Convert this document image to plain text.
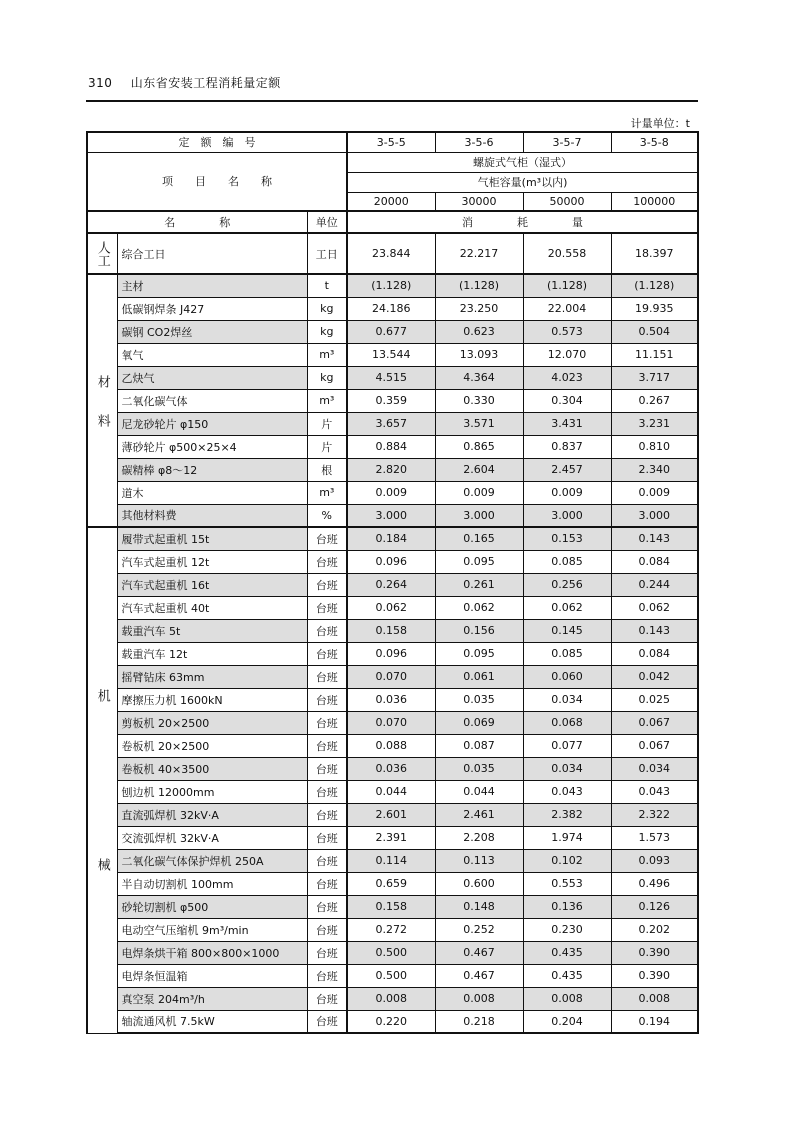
310 山东省安装工程消耗量定额
计量单位：t
定　额　编　号			3-5-5	3-5-6	3-5-7	3-5-8
项　　目　　名　　称			螺旋式气柜（湿式）			
			气柜容量(m³以内)			
			20000	30000	50000	100000
名　　　　称		单位	消　　　　耗　　　　量			
人工	综合工日	工日	23.844	22.217	20.558	18.397
材　　料	主材	t	(1.128)	(1.128)	(1.128)	(1.128)
	低碳钢焊条 J427	kg	24.186	23.250	22.004	19.935
	碳钢 CO2焊丝	kg	0.677	0.623	0.573	0.504
	氧气	m³	13.544	13.093	12.070	11.151
	乙炔气	kg	4.515	4.364	4.023	3.717
	二氧化碳气体	m³	0.359	0.330	0.304	0.267
	尼龙砂轮片 φ150	片	3.657	3.571	3.431	3.231
	薄砂轮片 φ500×25×4	片	0.884	0.865	0.837	0.810
	碳精棒 φ8～12	根	2.820	2.604	2.457	2.340
	道木	m³	0.009	0.009	0.009	0.009
	其他材料费	%	3.000	3.000	3.000	3.000
机　　　　　　　　　　　　械	履带式起重机 15t	台班	0.184	0.165	0.153	0.143
	汽车式起重机 12t	台班	0.096	0.095	0.085	0.084
	汽车式起重机 16t	台班	0.264	0.261	0.256	0.244
	汽车式起重机 40t	台班	0.062	0.062	0.062	0.062
	载重汽车 5t	台班	0.158	0.156	0.145	0.143
	载重汽车 12t	台班	0.096	0.095	0.085	0.084
	摇臂钻床 63mm	台班	0.070	0.061	0.060	0.042
	摩擦压力机 1600kN	台班	0.036	0.035	0.034	0.025
	剪板机 20×2500	台班	0.070	0.069	0.068	0.067
	卷板机 20×2500	台班	0.088	0.087	0.077	0.067
	卷板机 40×3500	台班	0.036	0.035	0.034	0.034
	刨边机 12000mm	台班	0.044	0.044	0.043	0.043
	直流弧焊机 32kV·A	台班	2.601	2.461	2.382	2.322
	交流弧焊机 32kV·A	台班	2.391	2.208	1.974	1.573
	二氧化碳气体保护焊机 250A	台班	0.114	0.113	0.102	0.093
	半自动切割机 100mm	台班	0.659	0.600	0.553	0.496
	砂轮切割机 φ500	台班	0.158	0.148	0.136	0.126
	电动空气压缩机 9m³/min	台班	0.272	0.252	0.230	0.202
	电焊条烘干箱 800×800×1000	台班	0.500	0.467	0.435	0.390
	电焊条恒温箱	台班	0.500	0.467	0.435	0.390
	真空泵 204m³/h	台班	0.008	0.008	0.008	0.008
	轴流通风机 7.5kW	台班	0.220	0.218	0.204	0.194
